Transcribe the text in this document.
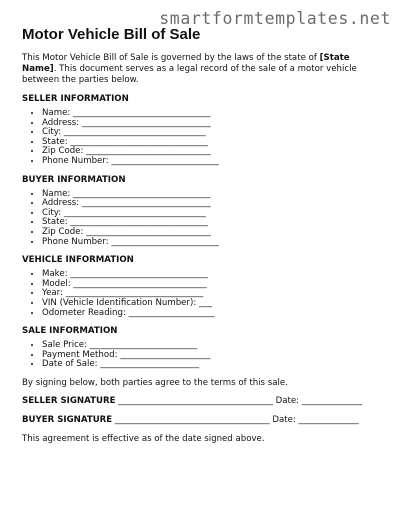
smartformtemplates.net
Motor Vehicle Bill of Sale

This Motor Vehicle Bill of Sale is governed by the laws of the state of [State Name]. This document serves as a legal record of the sale of a motor vehicle between the parties below.

SELLER INFORMATION
• Name: ________________________________
• Address: ______________________________
• City: _________________________________
• State: ________________________________
• Zip Code: _____________________________
• Phone Number: _________________________
BUYER INFORMATION
• Name: ________________________________
• Address: ______________________________
• City: _________________________________
• State: ________________________________
• Zip Code: _____________________________
• Phone Number: _________________________
VEHICLE INFORMATION
• Make: ________________________________
• Model: _______________________________
• Year: ________________________________
• VIN (Vehicle Identification Number): ___
• Odometer Reading: ____________________
SALE INFORMATION
• Sale Price: _________________________
• Payment Method: _____________________
• Date of Sale: _______________________

By signing below, both parties agree to the terms of this sale.

SELLER SIGNATURE ____________________________________ Date: ______________
BUYER SIGNATURE ____________________________________ Date: ______________

This agreement is effective as of the date signed above.
